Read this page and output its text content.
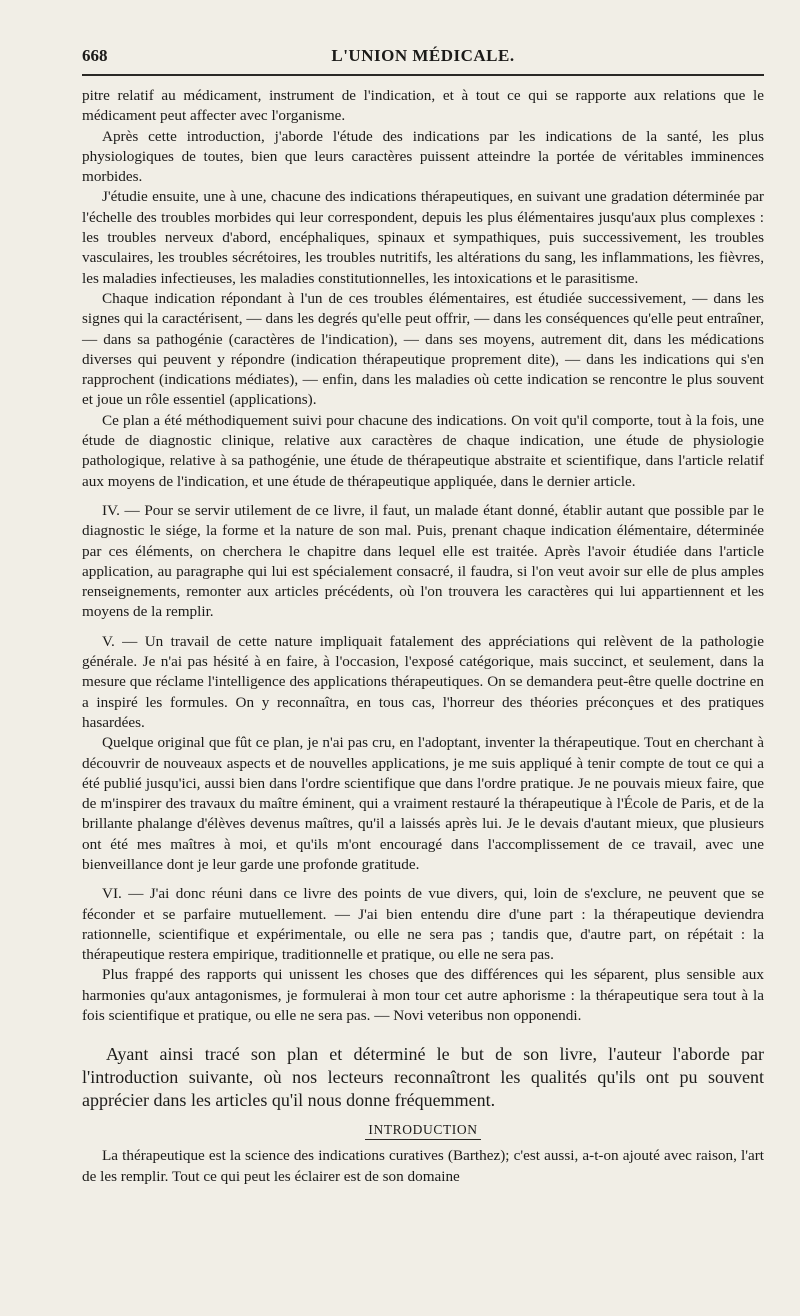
668	L'UNION MÉDICALE.

pitre relatif au médicament, instrument de l'indication, et à tout ce qui se rapporte aux relations que le médicament peut affecter avec l'organisme.

Après cette introduction, j'aborde l'étude des indications par les indications de la santé, les plus physiologiques de toutes, bien que leurs caractères puissent atteindre la portée de véritables imminences morbides.

J'étudie ensuite, une à une, chacune des indications thérapeutiques, en suivant une gradation déterminée par l'échelle des troubles morbides qui leur correspondent, depuis les plus élémentaires jusqu'aux plus complexes : les troubles nerveux d'abord, encéphaliques, spinaux et sympathiques, puis successivement, les troubles vasculaires, les troubles sécrétoires, les troubles nutritifs, les altérations du sang, les inflammations, les fièvres, les maladies infectieuses, les maladies constitutionnelles, les intoxications et le parasitisme.

Chaque indication répondant à l'un de ces troubles élémentaires, est étudiée successivement, — dans les signes qui la caractérisent, — dans les degrés qu'elle peut offrir, — dans les conséquences qu'elle peut entraîner, — dans sa pathogénie (caractères de l'indication), — dans ses moyens, autrement dit, dans les médications diverses qui peuvent y répondre (indication thérapeutique proprement dite), — dans les indications qui s'en rapprochent (indications médiates), — enfin, dans les maladies où cette indication se rencontre le plus souvent et joue un rôle essentiel (applications).

Ce plan a été méthodiquement suivi pour chacune des indications. On voit qu'il comporte, tout à la fois, une étude de diagnostic clinique, relative aux caractères de chaque indication, une étude de physiologie pathologique, relative à sa pathogénie, une étude de thérapeutique abstraite et scientifique, dans l'article relatif aux moyens de l'indication, et une étude de thérapeutique appliquée, dans le dernier article.

IV. — Pour se servir utilement de ce livre, il faut, un malade étant donné, établir autant que possible par le diagnostic le siége, la forme et la nature de son mal. Puis, prenant chaque indication élémentaire, déterminée par ces éléments, on cherchera le chapitre dans lequel elle est traitée. Après l'avoir étudiée dans l'article application, au paragraphe qui lui est spécialement consacré, il faudra, si l'on veut avoir sur elle de plus amples renseignements, remonter aux articles précédents, où l'on trouvera les caractères qui lui appartiennent et les moyens de la remplir.

V. — Un travail de cette nature impliquait fatalement des appréciations qui relèvent de la pathologie générale. Je n'ai pas hésité à en faire, à l'occasion, l'exposé catégorique, mais succinct, et seulement, dans la mesure que réclame l'intelligence des applications thérapeutiques. On se demandera peut-être quelle doctrine en a inspiré les formules. On y reconnaîtra, en tous cas, l'horreur des théories préconçues et des pratiques hasardées.

Quelque original que fût ce plan, je n'ai pas cru, en l'adoptant, inventer la thérapeutique. Tout en cherchant à découvrir de nouveaux aspects et de nouvelles applications, je me suis appliqué à tenir compte de tout ce qui a été publié jusqu'ici, aussi bien dans l'ordre scientifique que dans l'ordre pratique. Je ne pouvais mieux faire, que de m'inspirer des travaux du maître éminent, qui a vraiment restauré la thérapeutique à l'École de Paris, et de la brillante phalange d'élèves devenus maîtres, qu'il a laissés après lui. Je le devais d'autant mieux, que plusieurs ont été mes maîtres à moi, et qu'ils m'ont encouragé dans l'accomplissement de ce travail, avec une bienveillance dont je leur garde une profonde gratitude.

VI. — J'ai donc réuni dans ce livre des points de vue divers, qui, loin de s'exclure, ne peuvent que se féconder et se parfaire mutuellement. — J'ai bien entendu dire d'une part : la thérapeutique deviendra rationnelle, scientifique et expérimentale, ou elle ne sera pas ; tandis que, d'autre part, on répétait : la thérapeutique restera empirique, traditionnelle et pratique, ou elle ne sera pas.

Plus frappé des rapports qui unissent les choses que des différences qui les séparent, plus sensible aux harmonies qu'aux antagonismes, je formulerai à mon tour cet autre aphorisme : la thérapeutique sera tout à la fois scientifique et pratique, ou elle ne sera pas. — Novi veteribus non opponendi.

Ayant ainsi tracé son plan et déterminé le but de son livre, l'auteur l'aborde par l'introduction suivante, où nos lecteurs reconnaîtront les qualités qu'ils ont pu souvent apprécier dans les articles qu'il nous donne fréquemment.

INTRODUCTION

La thérapeutique est la science des indications curatives (Barthez); c'est aussi, a-t-on ajouté avec raison, l'art de les remplir. Tout ce qui peut les éclairer est de son domaine
